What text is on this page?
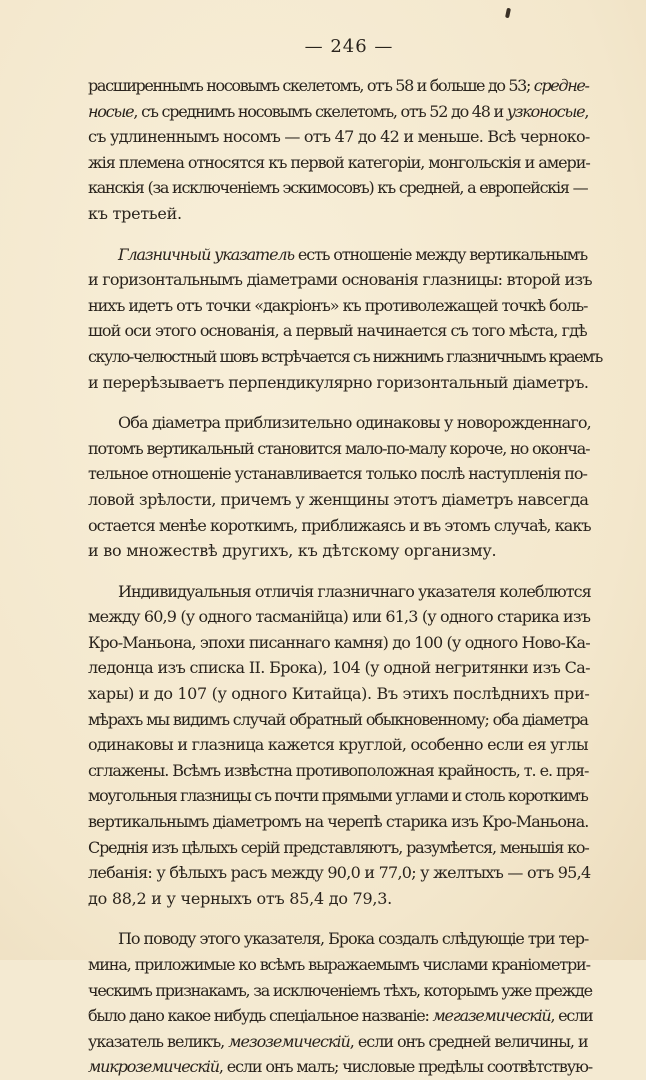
— 246 —
расширеннымъ носовымъ скелетомъ, отъ 58 и больше до 53; средне-
носые, съ среднимъ носовымъ скелетомъ, отъ 52 до 48 и узконосые,
съ удлиненнымъ носомъ — отъ 47 до 42 и меньше. Всѣ черноко-
жія племена относятся къ первой категоріи, монгольскія и амери-
канскія (за исключеніемъ эскимосовъ) къ средней, а европейскія —
къ третьей.
Глазничный указатель есть отношеніе между вертикальнымъ
и горизонтальнымъ діаметрами основанія глазницы: второй изъ
нихъ идетъ отъ точки «дакріонъ» къ противолежащей точкѣ боль-
шой оси этого основанія, а первый начинается съ того мѣста, гдѣ
скуло-челюстный шовъ встрѣчается съ нижнимъ глазничнымъ краемъ
и перерѣзываетъ перпендикулярно горизонтальный діаметръ.
Оба діаметра приблизительно одинаковы у новорожденнаго,
потомъ вертикальный становится мало-по-малу короче, но оконча-
тельное отношеніе устанавливается только послѣ наступленія по-
ловой зрѣлости, причемъ у женщины этотъ діаметръ навсегда
остается менѣе короткимъ, приближаясь и въ этомъ случаѣ, какъ
и во множествѣ другихъ, къ дѣтскому организму.
Индивидуальныя отличія глазничнаго указателя колеблются
между 60,9 (у одного тасманійца) или 61,3 (у одного старика изъ
Кро-Маньона, эпохи писаннаго камня) до 100 (у одного Ново-Ка-
ледонца изъ списка II. Брока), 104 (у одной негритянки изъ Са-
хары) и до 107 (у одного Китайца). Въ этихъ послѣднихъ при-
мѣрахъ мы видимъ случай обратный обыкновенному; оба діаметра
одинаковы и глазница кажется круглой, особенно если ея углы
сглажены. Всѣмъ извѣстна противоположная крайность, т. е. пря-
моугольныя глазницы съ почти прямыми углами и столь короткимъ
вертикальнымъ діаметромъ на черепѣ старика изъ Кро-Маньона.
Среднія изъ цѣлыхъ серій представляютъ, разумѣется, меньшія ко-
лебанія: у бѣлыхъ расъ между 90,0 и 77,0; у желтыхъ — отъ 95,4
до 88,2 и у черныхъ отъ 85,4 до 79,3.
По поводу этого указателя, Брока создалъ слѣдующіе три тер-
мина, приложимые ко всѣмъ выражаемымъ числами краніометри-
ческимъ признакамъ, за исключеніемъ тѣхъ, которымъ уже прежде
было дано какое нибудь спеціальное названіе: мегаземическій, если
указатель великъ, мезоземическій, если онъ средней величины, и
микроземическій, если онъ малъ; числовые предѣлы соотвѣтствую-
